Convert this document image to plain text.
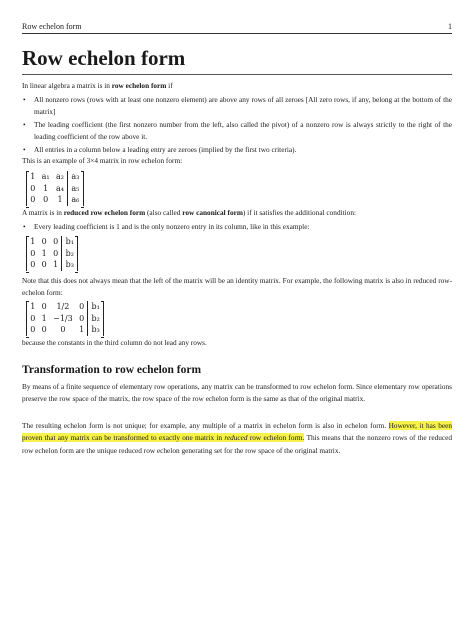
Row echelon form	1
Row echelon form
In linear algebra a matrix is in row echelon form if
• All nonzero rows (rows with at least one nonzero element) are above any rows of all zeroes [All zero rows, if any, belong at the bottom of the matrix]
• The leading coefficient (the first nonzero number from the left, also called the pivot) of a nonzero row is always strictly to the right of the leading coefficient of the row above it.
• All entries in a column below a leading entry are zeroes (implied by the first two criteria).
This is an example of 3×4 matrix in row echelon form:
1	a₁	a₂	a₃
0	1	a₄	a₅
0	0	1	a₆
A matrix is in reduced row echelon form (also called row canonical form) if it satisfies the additional condition:
• Every leading coefficient is 1 and is the only nonzero entry in its column, like in this example:
1	0	0	b₁
0	1	0	b₂
0	0	1	b₃
Note that this does not always mean that the left of the matrix will be an identity matrix. For example, the following matrix is also in reduced row-echelon form:
1	0	1/2	0	b₁
0	1	−1/3	0	b₂
0	0	0	1	b₃
because the constants in the third column do not lead any rows.
Transformation to row echelon form
By means of a finite sequence of elementary row operations, any matrix can be transformed to row echelon form. Since elementary row operations preserve the row space of the matrix, the row space of the row echelon form is the same as that of the original matrix.
The resulting echelon form is not unique; for example, any multiple of a matrix in echelon form is also in echelon form. However, it has been proven that any matrix can be transformed to exactly one matrix in reduced row echelon form. This means that the nonzero rows of the reduced row echelon form are the unique reduced row echelon generating set for the row space of the original matrix.
